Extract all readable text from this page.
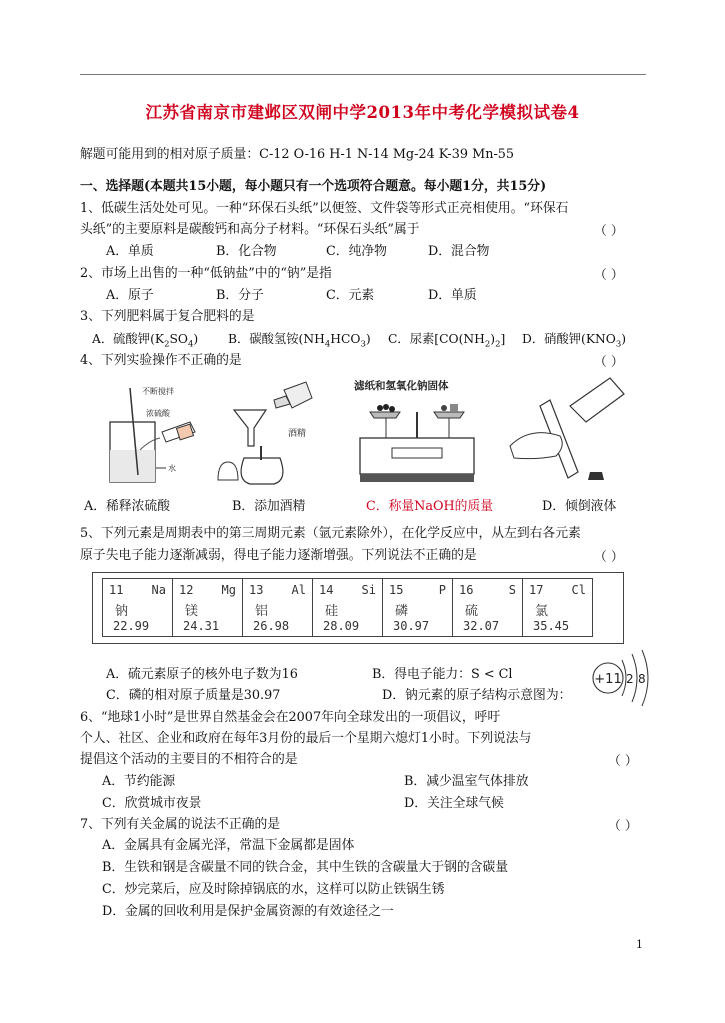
江苏省南京市建邺区双闸中学2013年中考化学模拟试卷4
解题可能用到的相对原子质量：C-12 O-16 H-1 N-14 Mg-24 K-39 Mn-55
一、选择题(本题共15小题，每小题只有一个选项符合题意。每小题1分，共15分)
1、低碳生活处处可见。一种“环保石头纸”以便签、文件袋等形式正亮相使用。“环保石
头纸”的主要原料是碳酸钙和高分子材料。“环保石头纸”属于	（ ）
A．单质	B．化合物	C．纯净物	D．混合物
2、市场上出售的一种“低钠盐”中的“钠”是指	（ ）
A．原子	B．分子	C．元素	D．单质
3、下列肥料属于复合肥料的是
A．硫酸钾$(K_2SO_4)$ B．碳酸氢铵$(NH_4HCO_3)$ C．尿素$[CO(NH_2)_2]$ D．硝酸钾$(KNO_3)$
4、下列实验操作不正确的是	（ ）
不断搅拌
浓硫酸
水
酒精
滤纸和氢氧化钠固体
A．稀释浓硫酸	B．添加酒精	C．称量NaOH的质量	D．倾倒液体
5、下列元素是周期表中的第三周期元素（氩元素除外），在化学反应中，从左到右各元素
原子失电子能力逐渐减弱，得电子能力逐渐增强。下列说法不正确的是	（ ）
11 Na
钠
22.99

12 Mg
镁
24.31

13 Al
铝
26.98

14 Si
硅
28.09

15	P
磷
30.97

16	S
硫
32.07

17 Cl
氯
35.45
A．硫元素原子的核外电子数为16	B．得电子能力：S < Cl
C．磷的相对原子质量是30.97	D．钠元素的原子结构示意图为：
+11 2 8
6、“地球1小时”是世界自然基金会在2007年向全球发出的一项倡议，呼吁
个人、社区、企业和政府在每年3月份的最后一个星期六熄灯1小时。下列说法与
提倡这个活动的主要目的不相符合的是	（ ）
A．节约能源	B．减少温室气体排放
C．欣赏城市夜景	D．关注全球气候
7、下列有关金属的说法不正确的是	（ ）
A．金属具有金属光泽，常温下金属都是固体
B．生铁和钢是含碳量不同的铁合金，其中生铁的含碳量大于钢的含碳量
C．炒完菜后，应及时除掉锅底的水，这样可以防止铁锅生锈
D．金属的回收利用是保护金属资源的有效途径之一
1
